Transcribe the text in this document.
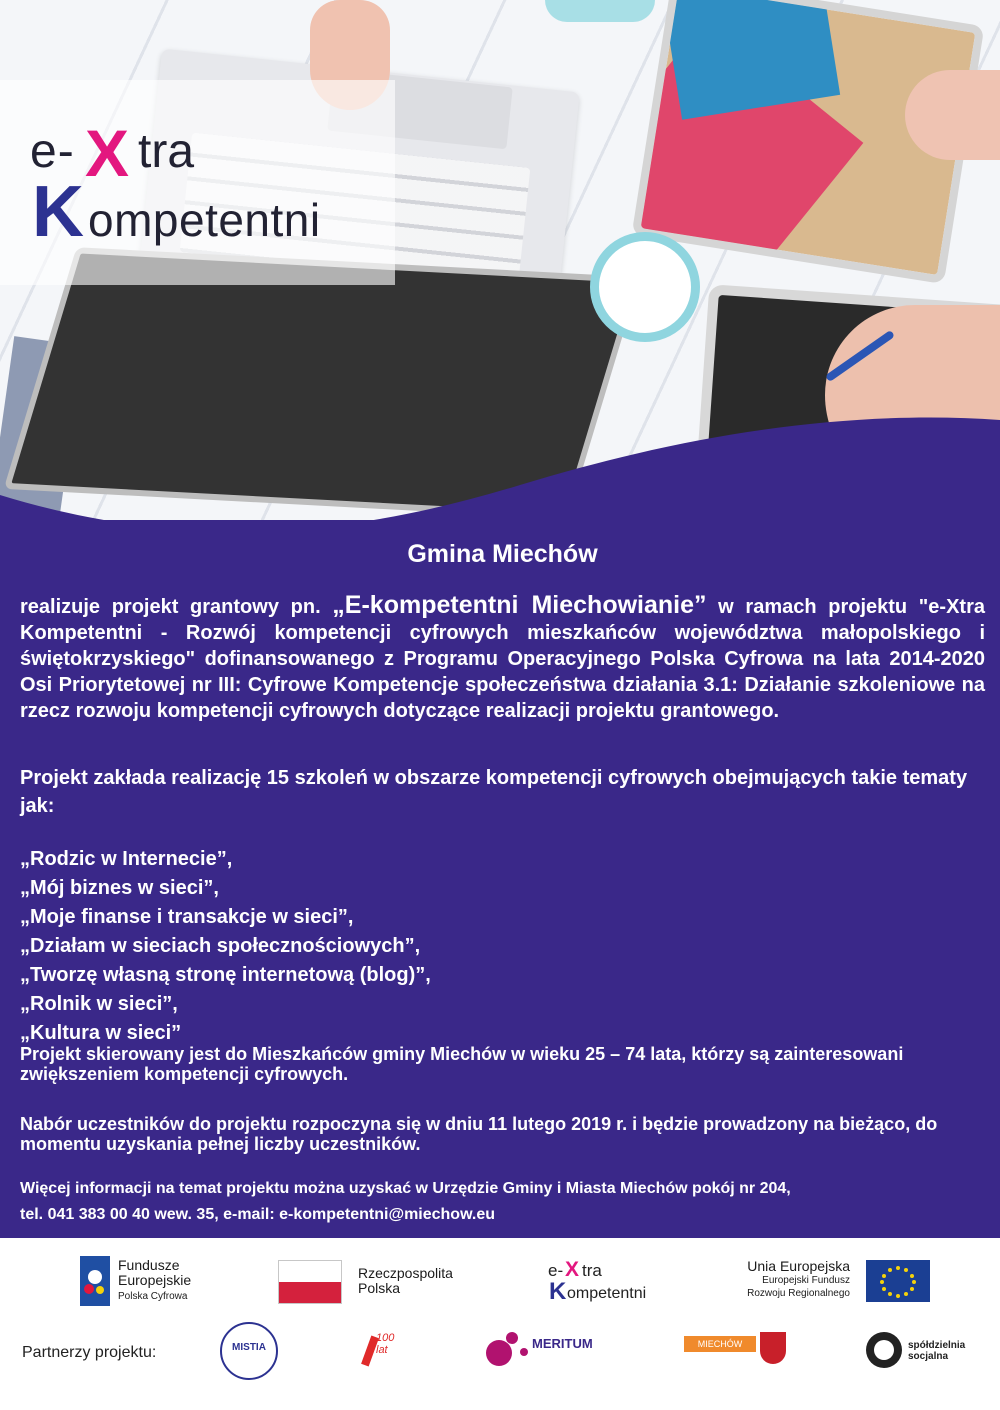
e- X tra
K ompetentni
Gmina Miechów
realizuje projekt grantowy pn. „E-kompetentni Miechowianie” w ramach projektu "e-Xtra Kompetentni - Rozwój kompetencji cyfrowych mieszkańców województwa małopolskiego i świętokrzyskiego" dofinansowanego z Programu Operacyjnego Polska Cyfrowa na lata 2014-2020 Osi Priorytetowej nr III: Cyfrowe Kompetencje społeczeństwa działania 3.1: Działanie szkoleniowe na rzecz rozwoju kompetencji cyfrowych dotyczące realizacji projektu grantowego.
Projekt zakłada realizację 15 szkoleń w obszarze kompetencji cyfrowych obejmujących takie tematy jak:
„Rodzic w Internecie”,
„Mój biznes w sieci”,
„Moje finanse i transakcje w sieci”,
„Działam w sieciach społecznościowych”,
„Tworzę własną stronę internetową (blog)”,
„Rolnik w sieci”,
„Kultura w sieci”
Projekt skierowany jest do Mieszkańców gminy Miechów w wieku 25 – 74 lata, którzy są zainteresowani zwiększeniem kompetencji cyfrowych.
Nabór uczestników do projektu rozpoczyna się w dniu 11 lutego 2019 r. i będzie prowadzony na bieżąco, do momentu uzyskania pełnej liczby uczestników.
Więcej informacji na temat projektu można uzyskać w Urzędzie Gminy i Miasta Miechów pokój nr 204,
tel. 041 383 00 40 wew. 35, e-mail: e-kompetentni@miechow.eu
Fundusze
Europejskie
Polska Cyfrowa
Rzeczpospolita
Polska
e- X tra
K ompetentni
Unia Europejska
Europejski Fundusz
Rozwoju Regionalnego
Partnerzy projektu:	MISTIA
100 lat	MERITUM	MIECHÓW	spółdzielnia
socjalna
